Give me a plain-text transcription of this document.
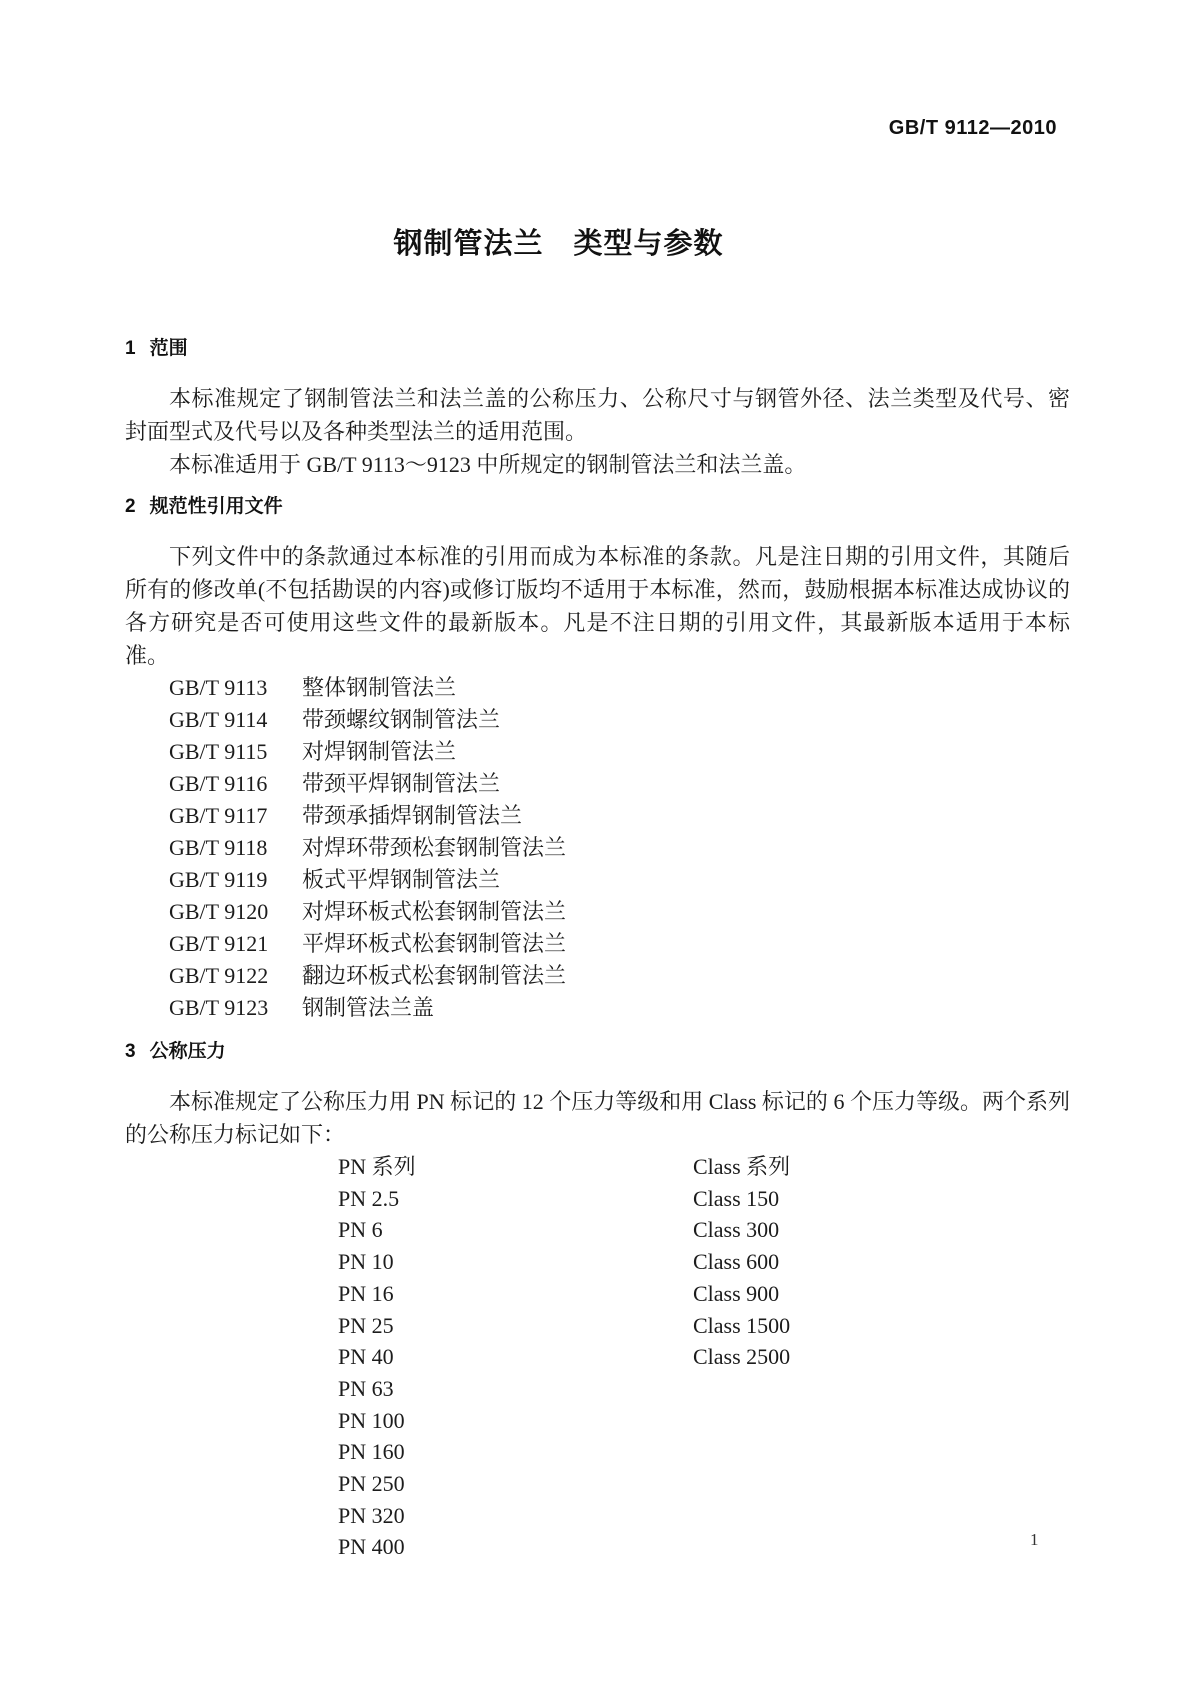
GB/T 9112—2010
钢制管法兰　类型与参数
1 范围

本标准规定了钢制管法兰和法兰盖的公称压力、公称尺寸与钢管外径、法兰类型及代号、密封面型式及代号以及各种类型法兰的适用范围。

本标准适用于 GB/T 9113～9123 中所规定的钢制管法兰和法兰盖。

2 规范性引用文件

下列文件中的条款通过本标准的引用而成为本标准的条款。凡是注日期的引用文件，其随后所有的修改单(不包括勘误的内容)或修订版均不适用于本标准，然而，鼓励根据本标准达成协议的各方研究是否可使用这些文件的最新版本。凡是不注日期的引用文件，其最新版本适用于本标准。

GB/T 9113 整体钢制管法兰
GB/T 9114 带颈螺纹钢制管法兰
GB/T 9115 对焊钢制管法兰
GB/T 9116 带颈平焊钢制管法兰
GB/T 9117 带颈承插焊钢制管法兰
GB/T 9118 对焊环带颈松套钢制管法兰
GB/T 9119 板式平焊钢制管法兰
GB/T 9120 对焊环板式松套钢制管法兰
GB/T 9121 平焊环板式松套钢制管法兰
GB/T 9122 翻边环板式松套钢制管法兰
GB/T 9123 钢制管法兰盖
3 公称压力

本标准规定了公称压力用 PN 标记的 12 个压力等级和用 Class 标记的 6 个压力等级。两个系列的公称压力标记如下：

PN 系列
PN 2.5
PN 6
PN 10
PN 16
PN 25
PN 40
PN 63
PN 100
PN 160
PN 250
PN 320
PN 400
Class 系列
Class 150
Class 300
Class 600
Class 900
Class 1500
Class 2500
1
